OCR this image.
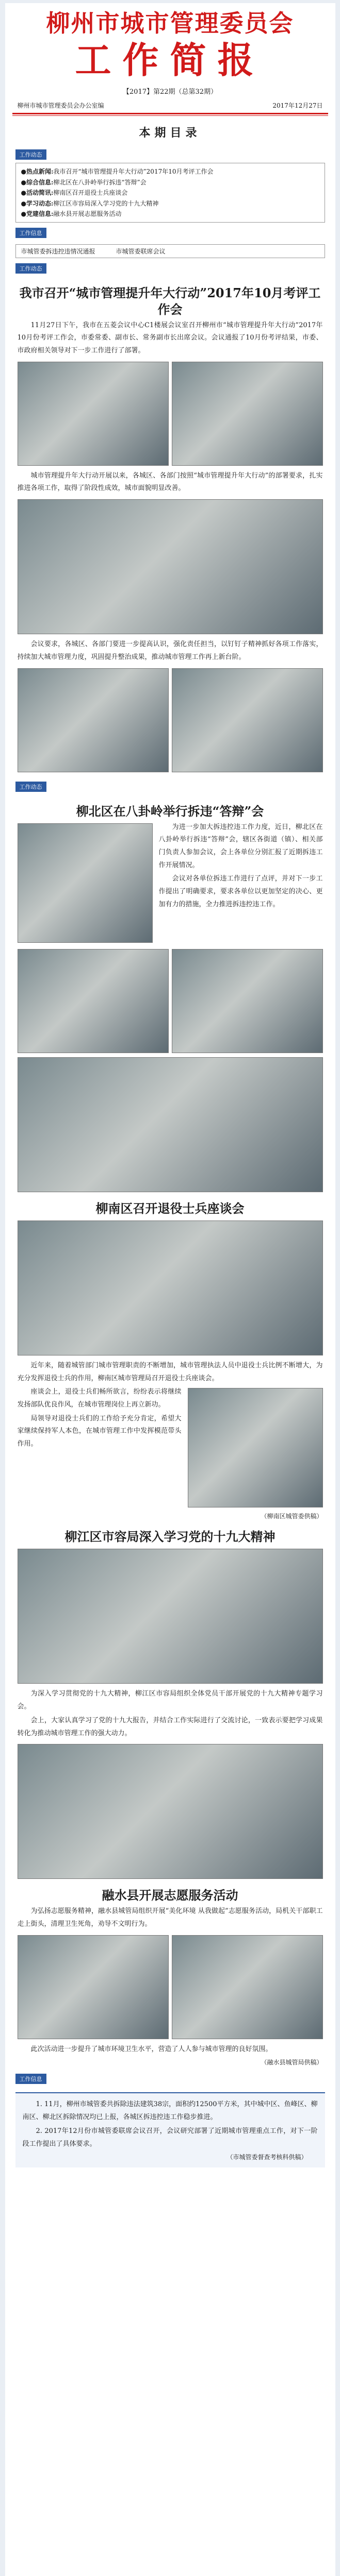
柳州市城市管理委员会
工作简报
【2017】第22期（总第32期）
柳州市城市管理委员会办公室编	2017年12月27日
本期目录
工作动态
●热点新闻:我市召开“城市管理提升年大行动”2017年10月考评工作会
●综合信息:柳北区在八卦岭举行拆违“答辩”会
●活动简讯:柳南区召开退役士兵座谈会
●学习动态:柳江区市容局深入学习党的十九大精神
●党建信息:融水县开展志愿服务活动
工作信息
市城管委拆违控违情况通报	市城管委联席会议
工作动态
我市召开“城市管理提升年大行动”2017年10月考评工作会

11月27日下午，我市在五菱会议中心C1楼展会议室召开柳州市“城市管理提升年大行动”2017年10月份考评工作会，市委常委、副市长、常务副市长出席会议。会议通报了10月份考评结果，市委、市政府相关领导对下一步工作进行了部署。

城市管理提升年大行动开展以来，各城区、各部门按照“城市管理提升年大行动”的部署要求，扎实推进各项工作，取得了阶段性成效，城市面貌明显改善。

会议要求，各城区、各部门要进一步提高认识，强化责任担当，以钉钉子精神抓好各项工作落实，持续加大城市管理力度，巩固提升整治成果，推动城市管理工作再上新台阶。

工作动态
柳北区在八卦岭举行拆违“答辩”会

为进一步加大拆违控违工作力度，近日，柳北区在八卦岭举行拆违“答辩”会，辖区各街道（镇）、相关部门负责人参加会议，会上各单位分别汇报了近期拆违工作开展情况。

会议对各单位拆违工作进行了点评，并对下一步工作提出了明确要求，要求各单位以更加坚定的决心、更加有力的措施，全力推进拆违控违工作。

柳南区召开退役士兵座谈会

近年来，随着城管部门城市管理职责的不断增加，城市管理执法人员中退役士兵比例不断增大，为充分发挥退役士兵的作用，柳南区城市管理局召开退役士兵座谈会。

座谈会上，退役士兵们畅所欲言，纷纷表示将继续发扬部队优良作风，在城市管理岗位上再立新功。

局领导对退役士兵们的工作给予充分肯定，希望大家继续保持军人本色，在城市管理工作中发挥模范带头作用。

（柳南区城管委供稿）
柳江区市容局深入学习党的十九大精神

为深入学习贯彻党的十九大精神，柳江区市容局组织全体党员干部开展党的十九大精神专题学习会。

会上，大家认真学习了党的十九大报告，并结合工作实际进行了交流讨论，一致表示要把学习成果转化为推动城市管理工作的强大动力。

融水县开展志愿服务活动

为弘扬志愿服务精神，融水县城管局组织开展“美化环境 从我做起”志愿服务活动，局机关干部职工走上街头，清理卫生死角，劝导不文明行为。

此次活动进一步提升了城市环境卫生水平，营造了人人参与城市管理的良好氛围。

（融水县城管局供稿）
工作信息

1. 11月，柳州市城管委共拆除违法建筑38宗，面积约12500平方米，其中城中区、鱼峰区、柳南区、柳北区拆除情况均已上报，各城区拆违控违工作稳步推进。

2. 2017年12月份市城管委联席会议召开，会议研究部署了近期城市管理重点工作，对下一阶段工作提出了具体要求。

（市城管委督查考核科供稿）
